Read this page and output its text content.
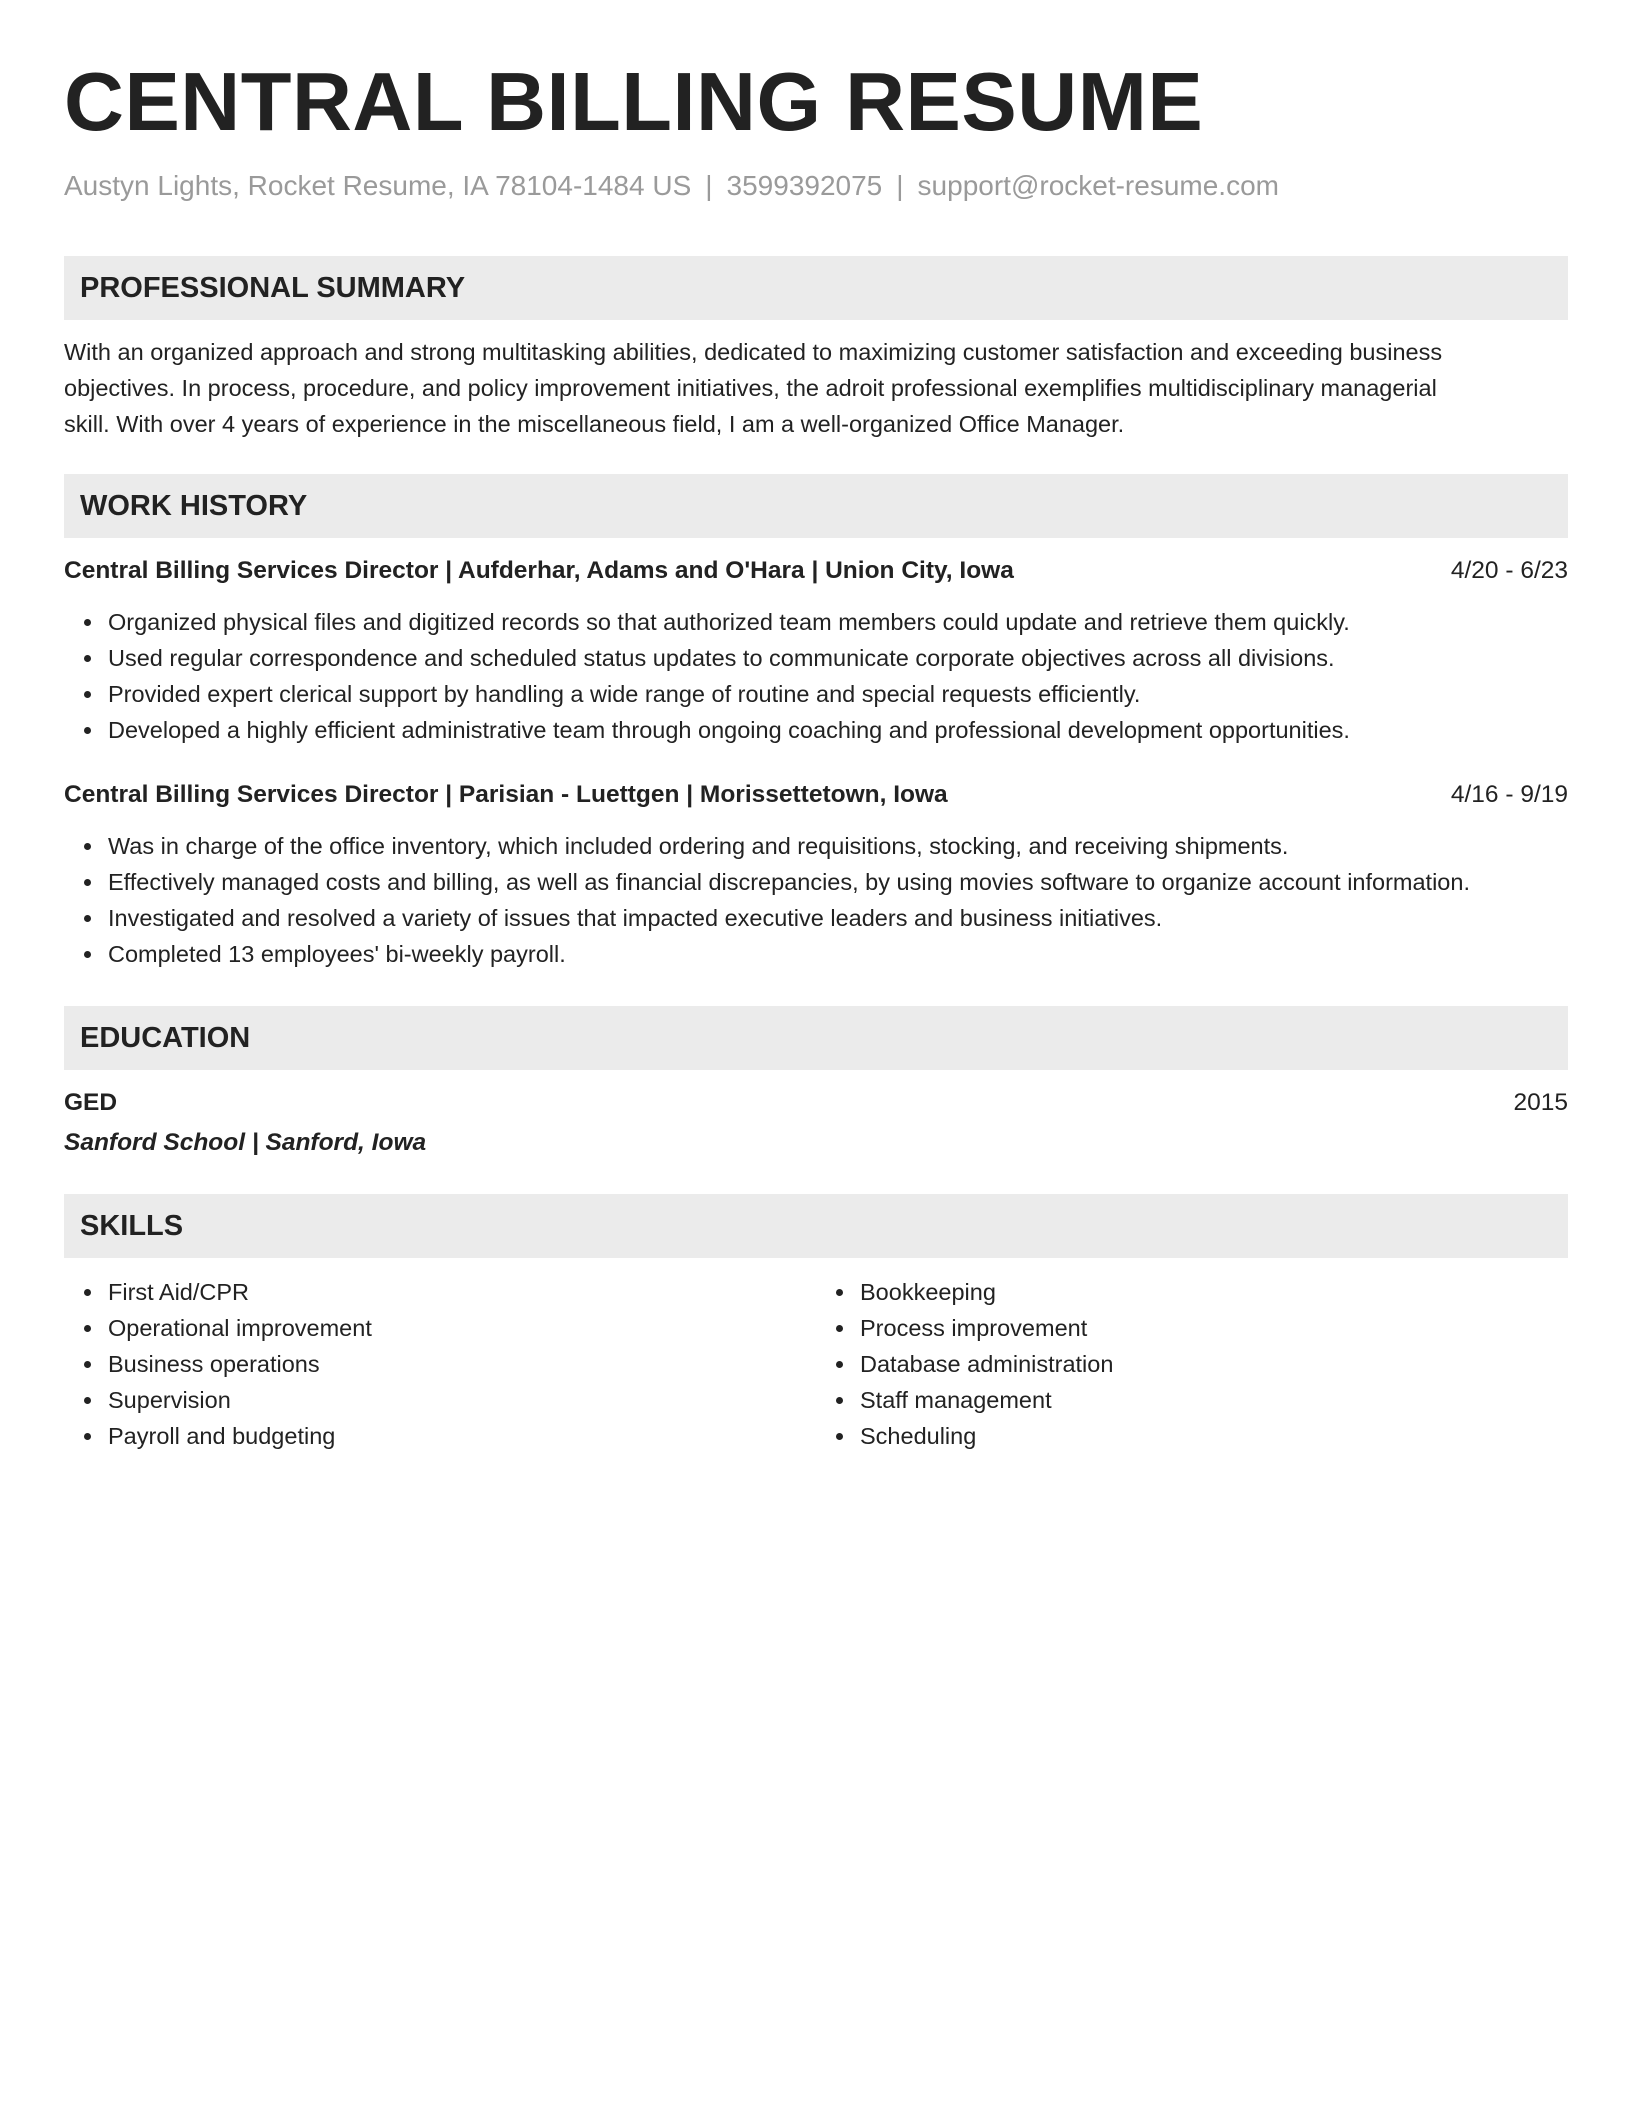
CENTRAL BILLING RESUME
Austyn Lights, Rocket Resume, IA 78104-1484 US | 3599392075 | support@rocket-resume.com
PROFESSIONAL SUMMARY
With an organized approach and strong multitasking abilities, dedicated to maximizing customer satisfaction and exceeding business
objectives. In process, procedure, and policy improvement initiatives, the adroit professional exemplifies multidisciplinary managerial
skill. With over 4 years of experience in the miscellaneous field, I am a well-organized Office Manager.
WORK HISTORY
Central Billing Services Director | Aufderhar, Adams and O'Hara | Union City, Iowa	4/20 - 6/23
Organized physical files and digitized records so that authorized team members could update and retrieve them quickly.
Used regular correspondence and scheduled status updates to communicate corporate objectives across all divisions.
Provided expert clerical support by handling a wide range of routine and special requests efficiently.
Developed a highly efficient administrative team through ongoing coaching and professional development opportunities.
Central Billing Services Director | Parisian - Luettgen | Morissettetown, Iowa	4/16 - 9/19
Was in charge of the office inventory, which included ordering and requisitions, stocking, and receiving shipments.
Effectively managed costs and billing, as well as financial discrepancies, by using movies software to organize account information.
Investigated and resolved a variety of issues that impacted executive leaders and business initiatives.
Completed 13 employees' bi-weekly payroll.
EDUCATION
GED	2015
Sanford School | Sanford, Iowa
SKILLS
First Aid/CPR
Operational improvement
Business operations
Supervision
Payroll and budgeting
Bookkeeping
Process improvement
Database administration
Staff management
Scheduling
